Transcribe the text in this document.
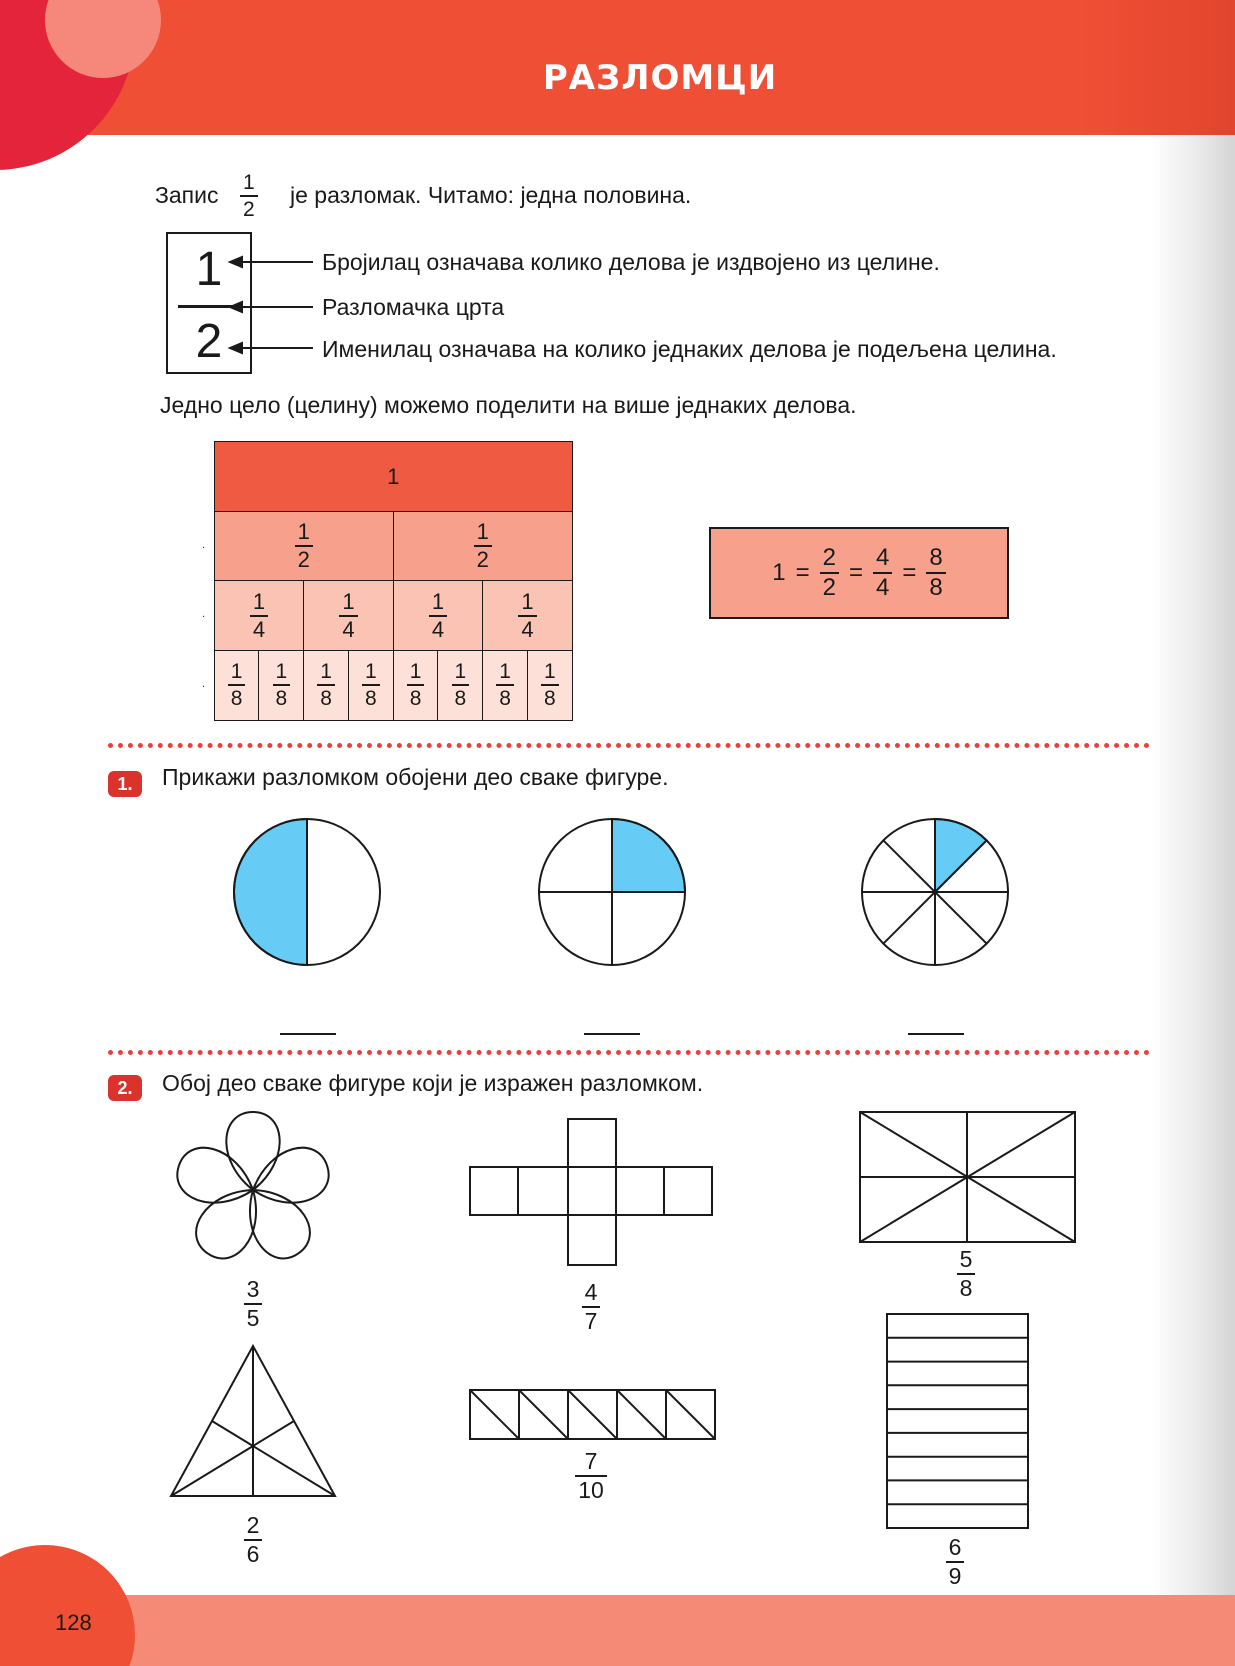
РАЗЛОМЦИ
Запис 1
2
је разломак. Читамо: једна половина.
1
2
Бројилац означава колико делова је издвојено из целине.
Разломачка црта
Именилац означава на колико једнаких делова је подељена целина.
Једно цело (целину) можемо поделити на више једнаких делова.
1
$\frac{1}{2}$	$\frac{1}{2}$
$\frac{1}{4}$	$\frac{1}{4}$	$\frac{1}{4}$	$\frac{1}{4}$
$\frac{1}{8} \frac{1}{8} \frac{1}{8} \frac{1}{8} \frac{1}{8} \frac{1}{8} \frac{1}{8} \frac{1}{8}$
·
·
·
$1 = \frac{2}{2} = \frac{4}{4} = \frac{8}{8}$
1.	Прикажи разломком обојени део сваке фигуре.
2.	Обој део сваке фигуре који је изражен разломком.
$\frac{3}{5}$	$\frac{4}{7}$
$\frac{5}{8}$
$\frac{2}{6}$
$\frac{7}{10}$
$\frac{6}{9}$
128
